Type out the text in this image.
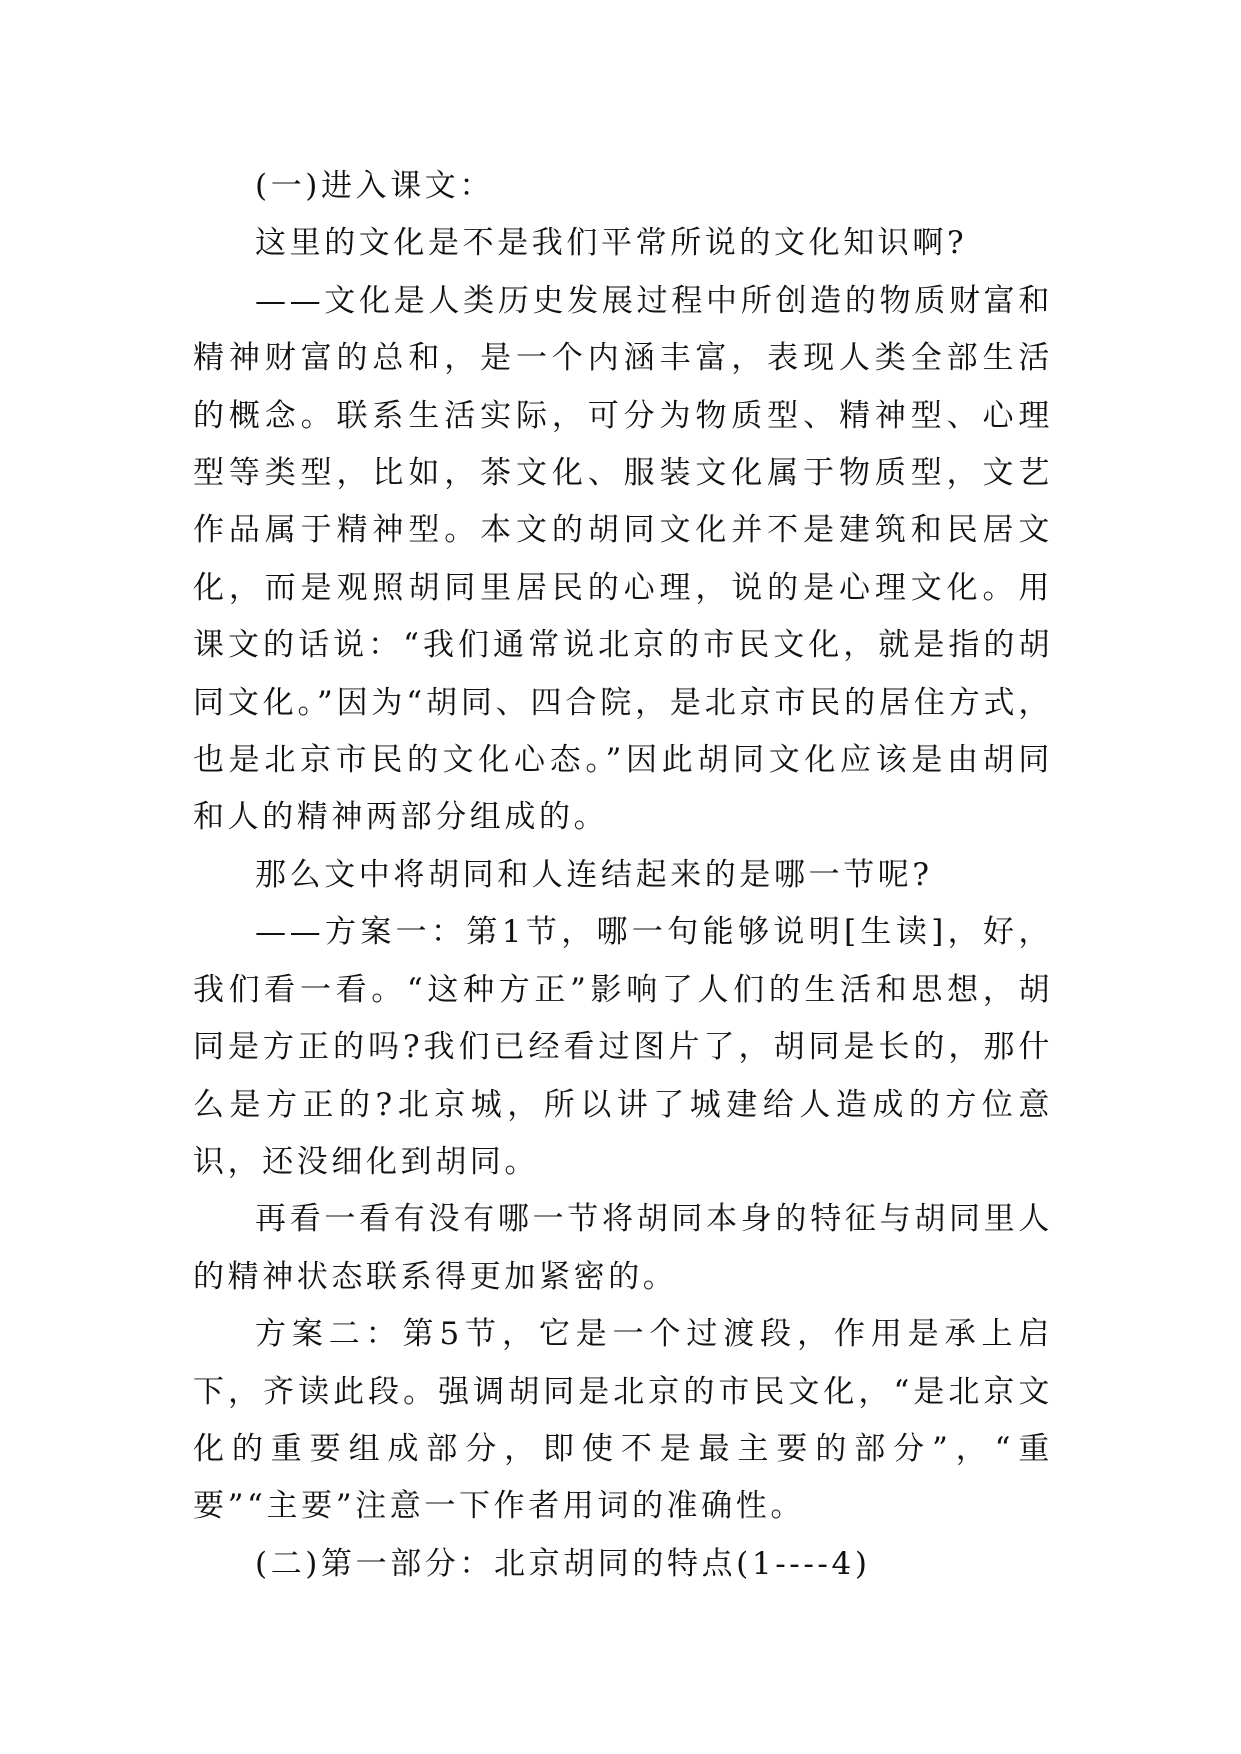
(一)进入课文：

这里的文化是不是我们平常所说的文化知识啊?

——文化是人类历史发展过程中所创造的物质财富和精神财富的总和，是一个内涵丰富，表现人类全部生活的概念。联系生活实际，可分为物质型、精神型、心理型等类型，比如，茶文化、服装文化属于物质型，文艺作品属于精神型。本文的胡同文化并不是建筑和民居文化，而是观照胡同里居民的心理，说的是心理文化。用课文的话说：“我们通常说北京的市民文化，就是指的胡同文化。”因为“胡同、四合院，是北京市民的居住方式，也是北京市民的文化心态。”因此胡同文化应该是由胡同和人的精神两部分组成的。

那么文中将胡同和人连结起来的是哪一节呢?

——方案一：第1节，哪一句能够说明[生读]，好，我们看一看。“这种方正”影响了人们的生活和思想，胡同是方正的吗?我们已经看过图片了，胡同是长的，那什么是方正的?北京城，所以讲了城建给人造成的方位意识，还没细化到胡同。

再看一看有没有哪一节将胡同本身的特征与胡同里人的精神状态联系得更加紧密的。

方案二：第5节，它是一个过渡段，作用是承上启下，齐读此段。强调胡同是北京的市民文化，“是北京文化的重要组成部分，即使不是最主要的部分”，“重要”“主要”注意一下作者用词的准确性。

(二)第一部分：北京胡同的特点(1----4)
